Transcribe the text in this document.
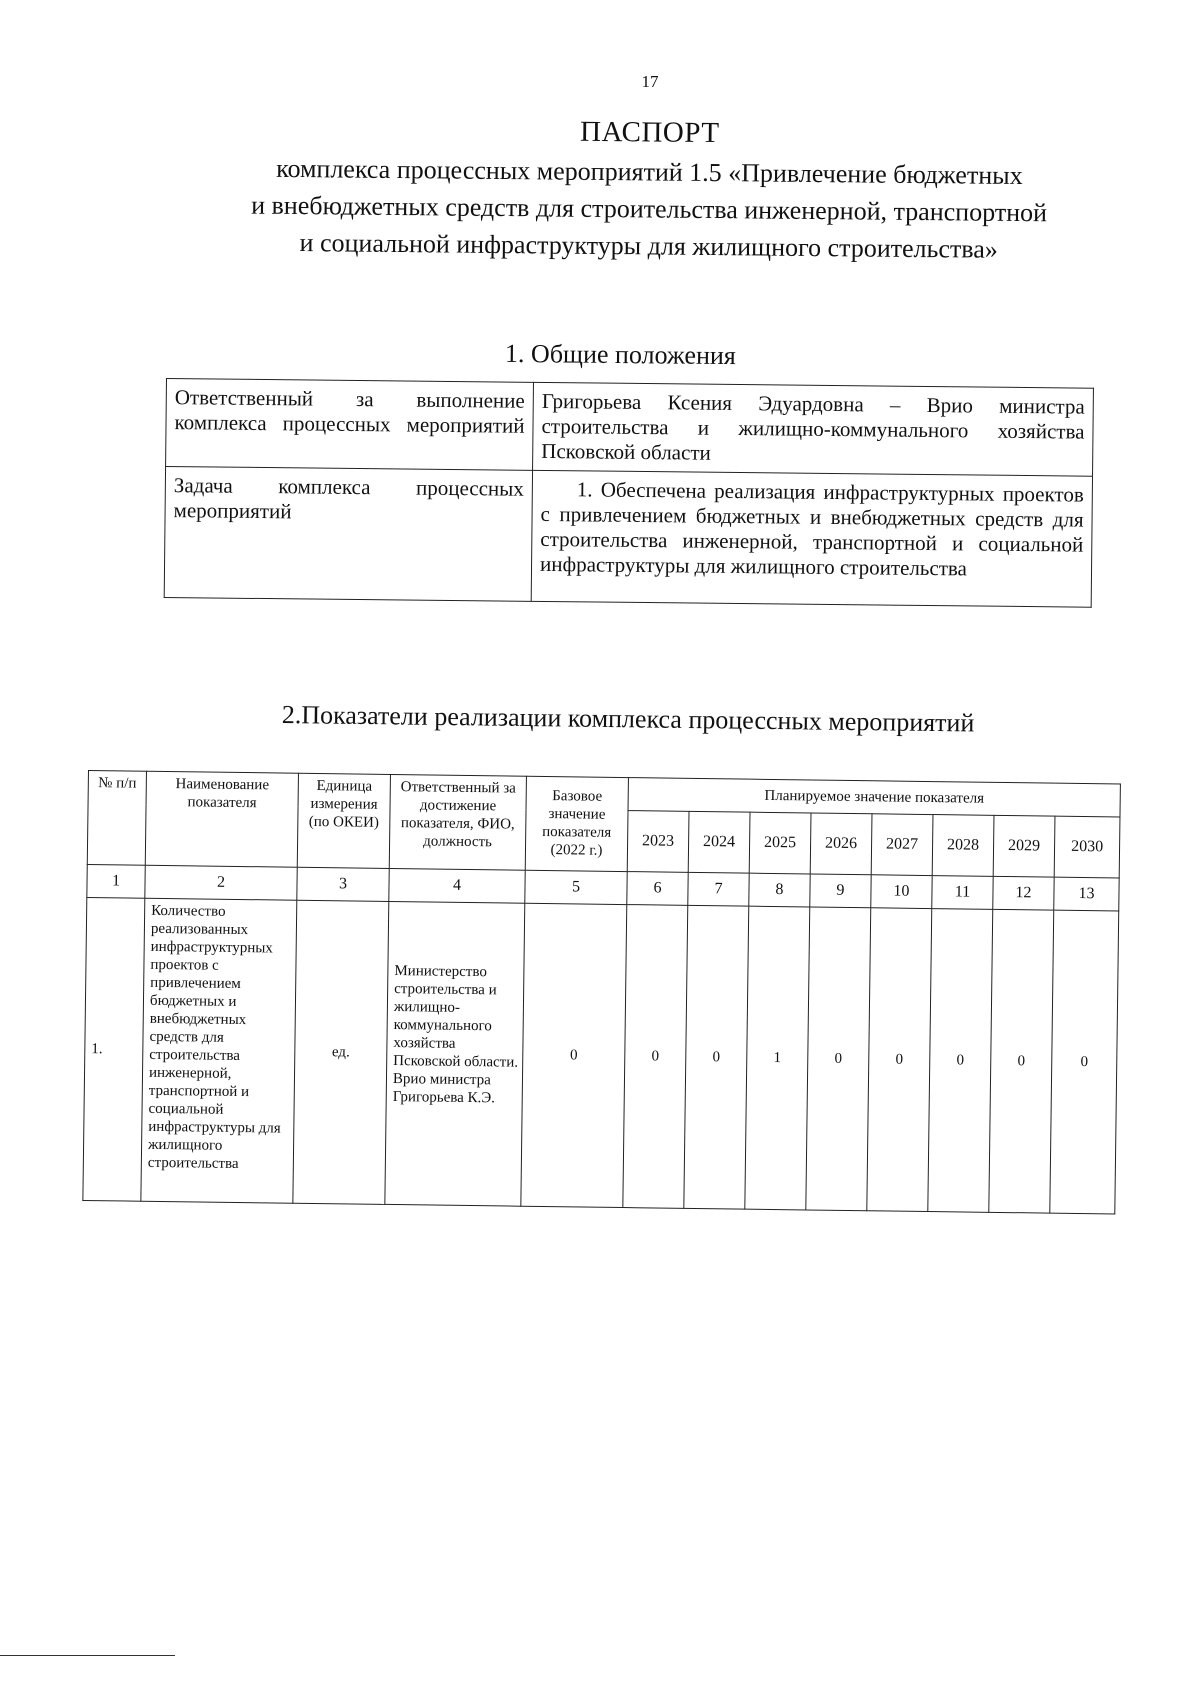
17
ПАСПОРТ
комплекса процессных мероприятий 1.5 «Привлечение бюджетных
и внебюджетных средств для строительства инженерной, транспортной
и социальной инфраструктуры для жилищного строительства»
1. Общие положения
Ответственный за выполнение комплекса процессных мероприятий	Григорьева Ксения Эдуардовна – Врио министра строительства и жилищно-коммунального хозяйства Псковской области
Задача комплекса процессных мероприятий	1. Обеспечена реализация инфраструктурных проектов с привлечением бюджетных и внебюджетных средств для строительства инженерной, транспортной и социальной инфраструктуры для жилищного строительства
2.Показатели реализации комплекса процессных мероприятий
№ п/п	Наименование показателя	Единица измерения (по ОКЕИ)	Ответственный за достижение показателя, ФИО, должность	Базовое значение показателя (2022 г.)	Планируемое значение показателя							
					2023	2024	2025	2026	2027	2028	2029	2030
1	2	3	4	5	6	7	8	9	10	11	12	13
1.	Количество реализованных инфраструктурных проектов с привлечением бюджетных и внебюджетных средств для строительства инженерной, транспортной и социальной инфраструктуры для жилищного строительства	ед.	Министерство строительства и жилищно-коммунального хозяйства Псковской области. Врио министра Григорьева К.Э.	0	0	0	1	0	0	0	0	0
